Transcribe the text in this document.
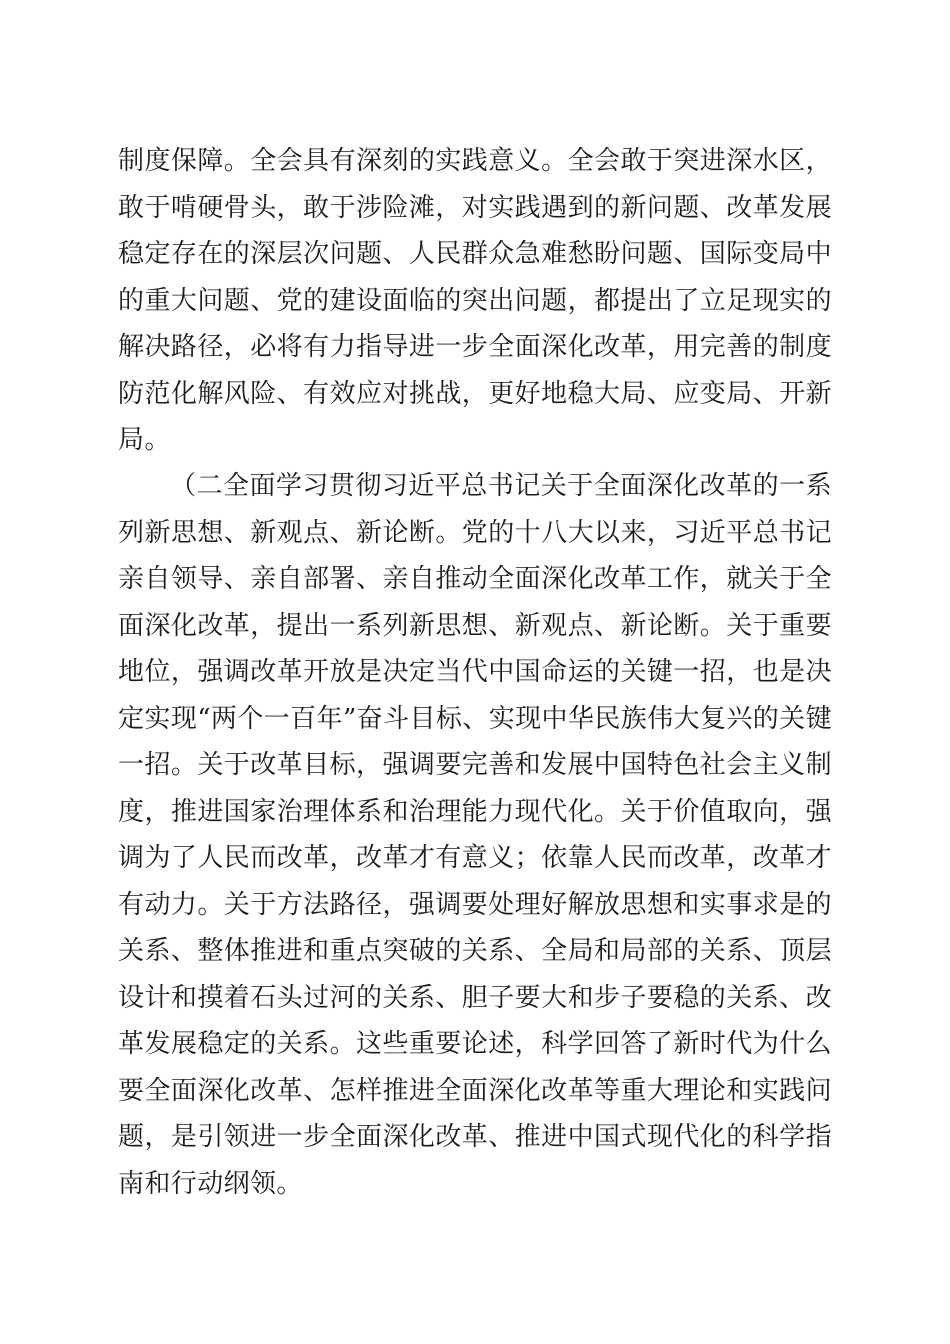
制度保障。全会具有深刻的实践意义。全会敢于突进深水区，敢于啃硬骨头，敢于涉险滩，对实践遇到的新问题、改革发展稳定存在的深层次问题、人民群众急难愁盼问题、国际变局中的重大问题、党的建设面临的突出问题，都提出了立足现实的解决路径，必将有力指导进一步全面深化改革，用完善的制度防范化解风险、有效应对挑战，更好地稳大局、应变局、开新局。

（二全面学习贯彻习近平总书记关于全面深化改革的一系列新思想、新观点、新论断。党的十八大以来，习近平总书记亲自领导、亲自部署、亲自推动全面深化改革工作，就关于全面深化改革，提出一系列新思想、新观点、新论断。关于重要地位，强调改革开放是决定当代中国命运的关键一招，也是决定实现“两个一百年”奋斗目标、实现中华民族伟大复兴的关键一招。关于改革目标，强调要完善和发展中国特色社会主义制度，推进国家治理体系和治理能力现代化。关于价值取向，强调为了人民而改革，改革才有意义；依靠人民而改革，改革才有动力。关于方法路径，强调要处理好解放思想和实事求是的关系、整体推进和重点突破的关系、全局和局部的关系、顶层设计和摸着石头过河的关系、胆子要大和步子要稳的关系、改革发展稳定的关系。这些重要论述，科学回答了新时代为什么要全面深化改革、怎样推进全面深化改革等重大理论和实践问题，是引领进一步全面深化改革、推进中国式现代化的科学指南和行动纲领。
